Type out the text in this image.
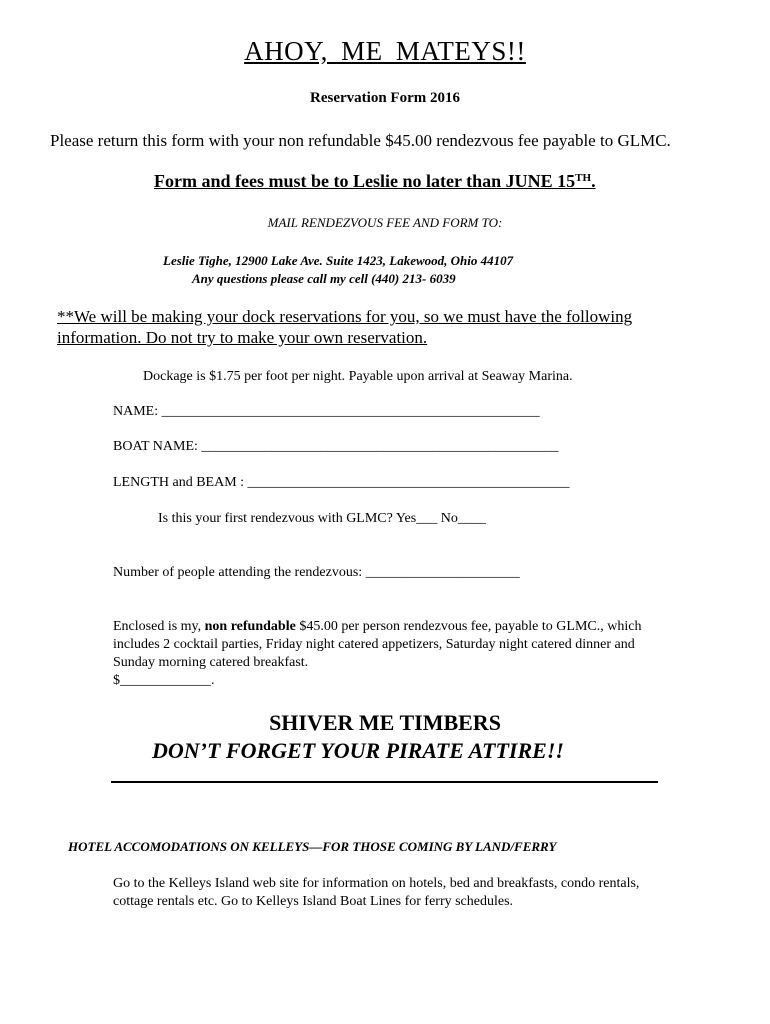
AHOY, ME MATEYS!!
Reservation Form 2016
Please return this form with your non refundable $45.00 rendezvous fee payable to GLMC.
Form and fees must be to Leslie no later than JUNE 15TH.
MAIL RENDEZVOUS FEE AND FORM TO:
Leslie Tighe, 12900 Lake Ave. Suite 1423, Lakewood, Ohio 44107
Any questions please call my cell (440) 213- 6039
**We will be making your dock reservations for you, so we must have the following information. Do not try to make your own reservation.
Dockage is $1.75 per foot per night. Payable upon arrival at Seaway Marina.
NAME: ______________________________________________________
BOAT NAME: ___________________________________________________
LENGTH and BEAM : ______________________________________________
Is this your first rendezvous with GLMC? Yes___ No____
Number of people attending the rendezvous: ______________________
Enclosed is my, non refundable $45.00 per person rendezvous fee, payable to GLMC., which includes 2 cocktail parties, Friday night catered appetizers, Saturday night catered dinner and Sunday morning catered breakfast.
$_____________.
SHIVER ME TIMBERS
DON’T FORGET YOUR PIRATE ATTIRE!!
HOTEL ACCOMODATIONS ON KELLEYS—FOR THOSE COMING BY LAND/FERRY
Go to the Kelleys Island web site for information on hotels, bed and breakfasts, condo rentals, cottage rentals etc. Go to Kelleys Island Boat Lines for ferry schedules.
